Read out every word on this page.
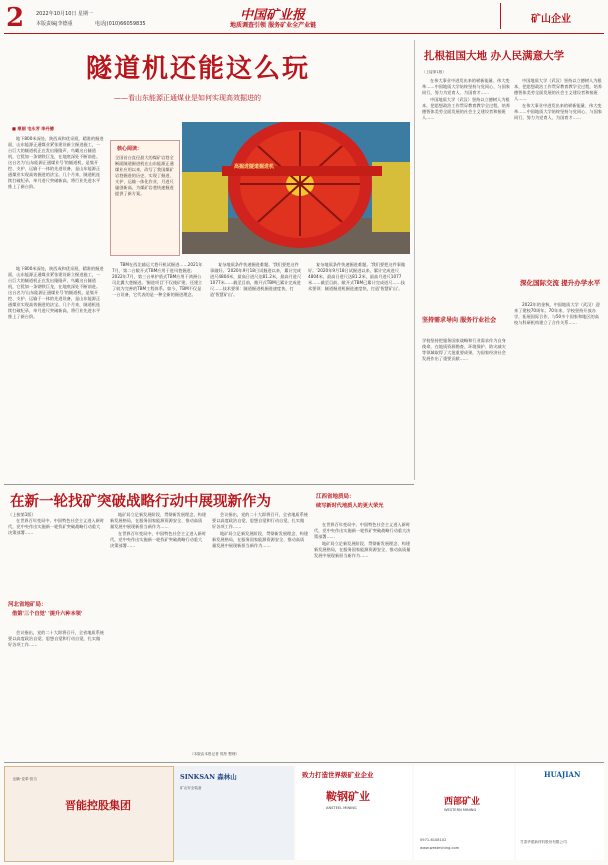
2 2022年10月10日 星期一
本版责编|李德重	电话|(010)66059835
中国矿业报
地质调查引领 服务矿业全产业链
矿山企业
隧道机还能这么玩
——看山东能源正通煤业是如何实现高效掘进的
■ 栗丽 屯永芳 李丹德

地下800米深处，陕西成和优采班，精准的掘进面，山东能源正通煤业紧张建设新立掘进施工，一台巨大的隧道机正在发出隆隆声，鸟瞰这台隧道机，它犹如一条钢铁巨龙，在地底深处不断前进。这台名为'山东能源正通煤业号'的隧道机，是集开挖、支护、运输于一体的先进设备，是山东能源正通煤业实现高效掘进的法宝。几个月来，隧道机连续打破纪录，单月进尺突破新高，将行业先进水平推上了新台阶。

核心阅读：
全国首台直径最大的煤矿岩巷全断面隧道掘进机在山东能源正通煤业应用以来，改写了我国煤矿岩巷掘进的历史，实现了掘进、支护、运输一体化作业，月进尺屡创新高，为煤矿岩巷快速掘进提供了新方案。
高掘进隧道掘进机

TBM在西北辅运大巷开机试掘进……2021年7月，第二台敞开式TBM应用于进风巷掘进；2022年7月，第三台单护盾式TBM应用于鸿洲公司北翼大巷掘进。'掘进项目'不仅使矿建，还建立了较为完善的TBM工程体系。如今，TBM不仅是一台设备，它代表的是一种全新的掘进理念。

复杂地质条件快速掘进难题。'我们要把这件事做好。'2020年9月18日试掘进以来，累计完成进尺4804米，最高日进尺达81.2米，最高月进尺1077米……截至目前，敞开式TBM已累计完成进尺……技术要领：隧道掘进机掘进速度快，打造'智慧矿山'。

地下800米深处，陕西成和优采班，精准的掘进面，山东能源正通煤业紧张建设新立掘进施工，一台巨大的隧道机正在发出隆隆声，鸟瞰这台隧道机，它犹如一条钢铁巨龙，在地底深处不断前进。这台名为'山东能源正通煤业号'的隧道机，是集开挖、支护、运输于一体的先进设备，是山东能源正通煤业实现高效掘进的法宝。几个月来，隧道机连续打破纪录，单月进尺突破新高，将行业先进水平推上了新台阶。

复杂地质条件快速掘进难题。'我们要把这件事做好。'2020年9月18日试掘进以来，累计完成进尺4804米，最高日进尺达81.2米，最高月进尺1077米……截至目前，敞开式TBM已累计完成进尺……技术要领：隧道掘进机掘进速度快，打造'智慧矿山'。

扎根祖国大地 办人民满意大学
（上接第1版）

在伟大事业中进发出来的崭新能量、伟大变革……中国地质大学始终坚持与党同心、与国家同行，努力为党育人、为国育才……

中国地质大学（武汉）坚持以立德树人为根本，把思想政治工作贯穿教育教学全过程，培养德智体美劳全面发展的社会主义建设者和接班人……

中国地质大学（武汉）坚持以立德树人为根本，把思想政治工作贯穿教育教学全过程，培养德智体美劳全面发展的社会主义建设者和接班人……

在伟大事业中进发出来的崭新能量、伟大变革……中国地质大学始终坚持与党同心、与国家同行，努力为党育人、为国育才……

深化国际交流 提升办学水平

2022年的金秋，中国地质大学（武汉）迎来了建校70周年。70年来，学校坚持开放办学，拓展国际合作，与50多个国家和地区的高校与科研机构建立了合作关系……

坚持需求导向 服务行业社会
学校坚持把服务国家战略和行业需求作为自身使命，在地质资源勘查、环境保护、防灾减灾等领域取得了大批重要成果，为国家经济社会发展作出了重要贡献……
在新一轮找矿突破战略行动中展现新作为

（上接第1版）

在世界百年变局中，中国特色社会主义进入新时代，党中央作出实施新一轮找矿突破战略行动重大决策部署……

河北省地矿局：
借第'三个自觉' '提升六种本领'

会议指出，党的二十大即将召开，全省地质系统要以高度政治自觉、思想自觉和行动自觉，扎实做好各项工作……

地矿局立足新发展阶段、贯彻新发展理念、构建新发展格局，在服务国家能源资源安全、推动高质量发展中展现新担当新作为……

在世界百年变局中，中国特色社会主义进入新时代，党中央作出实施新一轮找矿突破战略行动重大决策部署……

会议指出，党的二十大即将召开，全省地质系统要以高度政治自觉、思想自觉和行动自觉，扎实做好各项工作……

地矿局立足新发展阶段、贯彻新发展理念、构建新发展格局，在服务国家能源资源安全、推动高质量发展中展现新担当新作为……

江西省地质局：
续写新时代地质人的更大荣光

在世界百年变局中，中国特色社会主义进入新时代，党中央作出实施新一轮找矿突破战略行动重大决策部署……

地矿局立足新发展阶段、贯彻新发展理念、构建新发展格局，在服务国家能源资源安全、推动高质量发展中展现新担当新作为……

（本版由本报记者 郭彤 整理）
晋能控股集团
创新·变革·担当	SINKSAN 森林山
矿山安全装备
致力打造世界级矿业企业
鞍钢矿业
ANSTEEL MINING
西部矿业
WESTERN MINING
0971-6108102
www.westmining.com
HUAJIAN
甘肃华建新材料股份有限公司
